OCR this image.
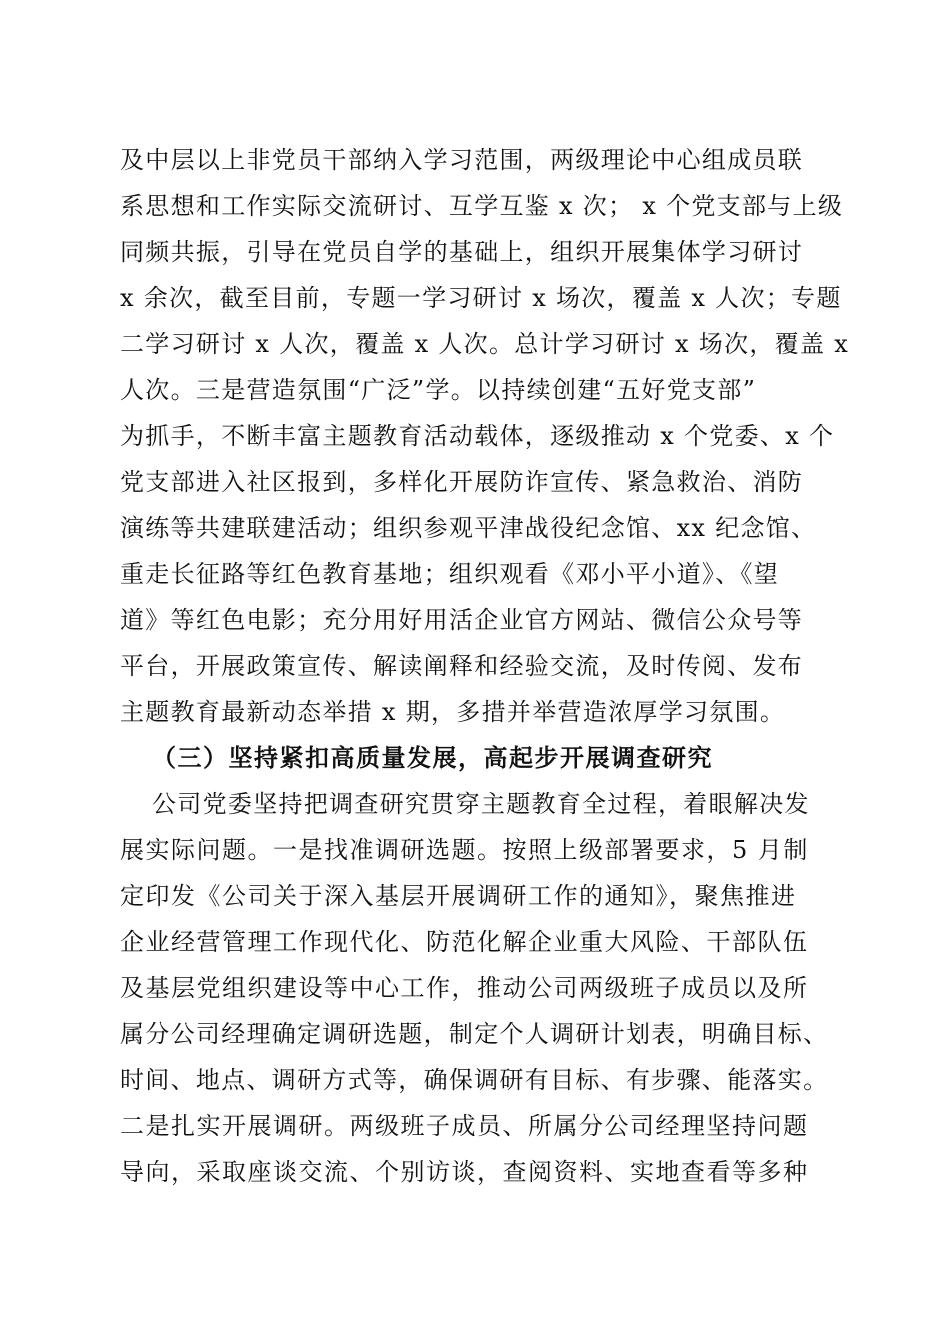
及中层以上非党员干部纳入学习范围，两级理论中心组成员联
系思想和工作实际交流研讨、互学互鉴 x 次； x 个党支部与上级
同频共振，引导在党员自学的基础上，组织开展集体学习研讨
x 余次，截至目前，专题一学习研讨 x 场次，覆盖 x 人次；专题
二学习研讨 x 人次，覆盖 x 人次。总计学习研讨 x 场次，覆盖 x
人次。三是营造氛围“广泛”学。以持续创建“五好党支部”
为抓手，不断丰富主题教育活动载体，逐级推动 x 个党委、x 个
党支部进入社区报到，多样化开展防诈宣传、紧急救治、消防
演练等共建联建活动；组织参观平津战役纪念馆、xx 纪念馆、
重走长征路等红色教育基地；组织观看《邓小平小道》、《望
道》等红色电影；充分用好用活企业官方网站、微信公众号等
平台，开展政策宣传、解读阐释和经验交流，及时传阅、发布
主题教育最新动态举措 x 期，多措并举营造浓厚学习氛围。
（三）坚持紧扣高质量发展，高起步开展调查研究
公司党委坚持把调查研究贯穿主题教育全过程，着眼解决发
展实际问题。一是找准调研选题。按照上级部署要求，5 月制
定印发《公司关于深入基层开展调研工作的通知》，聚焦推进
企业经营管理工作现代化、防范化解企业重大风险、干部队伍
及基层党组织建设等中心工作，推动公司两级班子成员以及所
属分公司经理确定调研选题，制定个人调研计划表，明确目标、
时间、地点、调研方式等，确保调研有目标、有步骤、能落实。
二是扎实开展调研。两级班子成员、所属分公司经理坚持问题
导向，采取座谈交流、个别访谈，查阅资料、实地查看等多种
